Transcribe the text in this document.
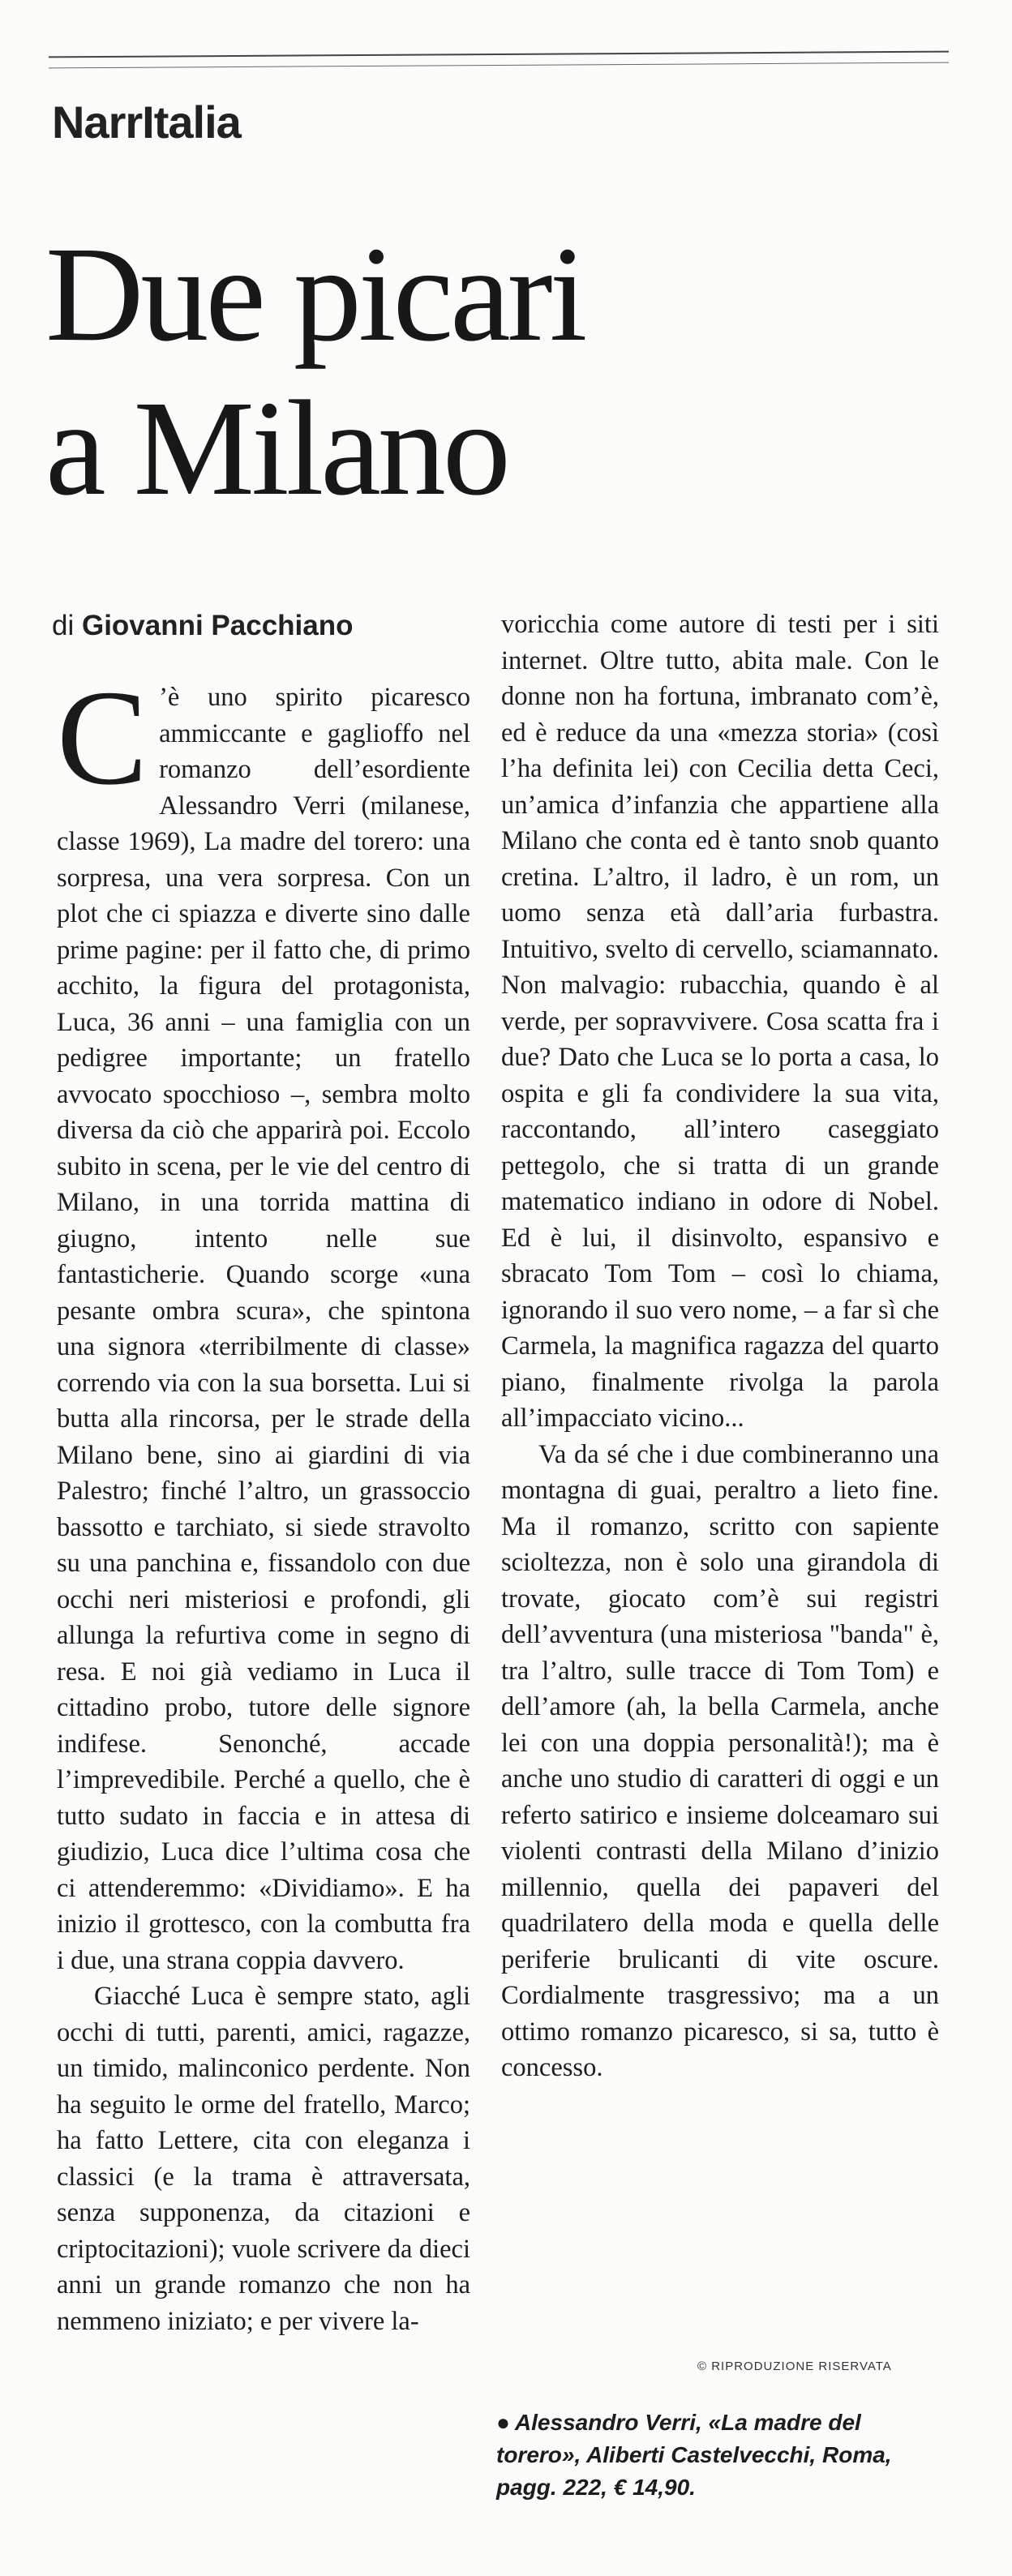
NarrItalia
Due picari
a Milano
di Giovanni Pacchiano

C ’è uno spirito picaresco ammiccante e gaglioffo nel romanzo dell’esordiente Alessandro Verri (milanese, classe 1969), La madre del torero: una sorpresa, una vera sorpresa. Con un plot che ci spiazza e diverte sino dalle prime pagine: per il fatto che, di primo acchito, la figura del protagonista, Luca, 36 anni – una famiglia con un pedigree importante; un fratello avvocato spocchioso –, sembra molto diversa da ciò che apparirà poi. Eccolo subito in scena, per le vie del centro di Milano, in una torrida mattina di giugno, intento nelle sue fantasticherie. Quando scorge «una pesante ombra scura», che spintona una signora «terribilmente di classe» correndo via con la sua borsetta. Lui si butta alla rincorsa, per le strade della Milano bene, sino ai giardini di via Palestro; finché l’altro, un grassoccio bassotto e tarchiato, si siede stravolto su una panchina e, fissandolo con due occhi neri misteriosi e profondi, gli allunga la refurtiva come in segno di resa. E noi già vediamo in Luca il cittadino probo, tutore delle signore indifese. Senonché, accade l’imprevedibile. Perché a quello, che è tutto sudato in faccia e in attesa di giudizio, Luca dice l’ultima cosa che ci attenderemmo: «Dividiamo». E ha inizio il grottesco, con la combutta fra i due, una strana coppia davvero.

Giacché Luca è sempre stato, agli occhi di tutti, parenti, amici, ragazze, un timido, malinconico perdente. Non ha seguito le orme del fratello, Marco; ha fatto Lettere, cita con eleganza i classici (e la trama è attraversata, senza supponenza, da citazioni e criptocitazioni); vuole scrivere da dieci anni un grande romanzo che non ha nemmeno iniziato; e per vivere la-

voricchia come autore di testi per i siti internet. Oltre tutto, abita male. Con le donne non ha fortuna, imbranato com’è, ed è reduce da una «mezza storia» (così l’ha definita lei) con Cecilia detta Ceci, un’amica d’infanzia che appartiene alla Milano che conta ed è tanto snob quanto cretina. L’altro, il ladro, è un rom, un uomo senza età dall’aria furbastra. Intuitivo, svelto di cervello, sciamannato. Non malvagio: rubacchia, quando è al verde, per sopravvivere. Cosa scatta fra i due? Dato che Luca se lo porta a casa, lo ospita e gli fa condividere la sua vita, raccontando, all’intero caseggiato pettegolo, che si tratta di un grande matematico indiano in odore di Nobel. Ed è lui, il disinvolto, espansivo e sbracato Tom Tom – così lo chiama, ignorando il suo vero nome, – a far sì che Carmela, la magnifica ragazza del quarto piano, finalmente rivolga la parola all’impacciato vicino...

Va da sé che i due combineranno una montagna di guai, peraltro a lieto fine. Ma il romanzo, scritto con sapiente scioltezza, non è solo una girandola di trovate, giocato com’è sui registri dell’avventura (una misteriosa "banda" è, tra l’altro, sulle tracce di Tom Tom) e dell’amore (ah, la bella Carmela, anche lei con una doppia personalità!); ma è anche uno studio di caratteri di oggi e un referto satirico e insieme dolceamaro sui violenti contrasti della Milano d’inizio millennio, quella dei papaveri del quadrilatero della moda e quella delle periferie brulicanti di vite oscure. Cordialmente trasgressivo; ma a un ottimo romanzo picaresco, si sa, tutto è concesso.

© RIPRODUZIONE RISERVATA
● Alessandro Verri, «La madre del torero», Aliberti Castelvecchi, Roma, pagg. 222, € 14,90.
